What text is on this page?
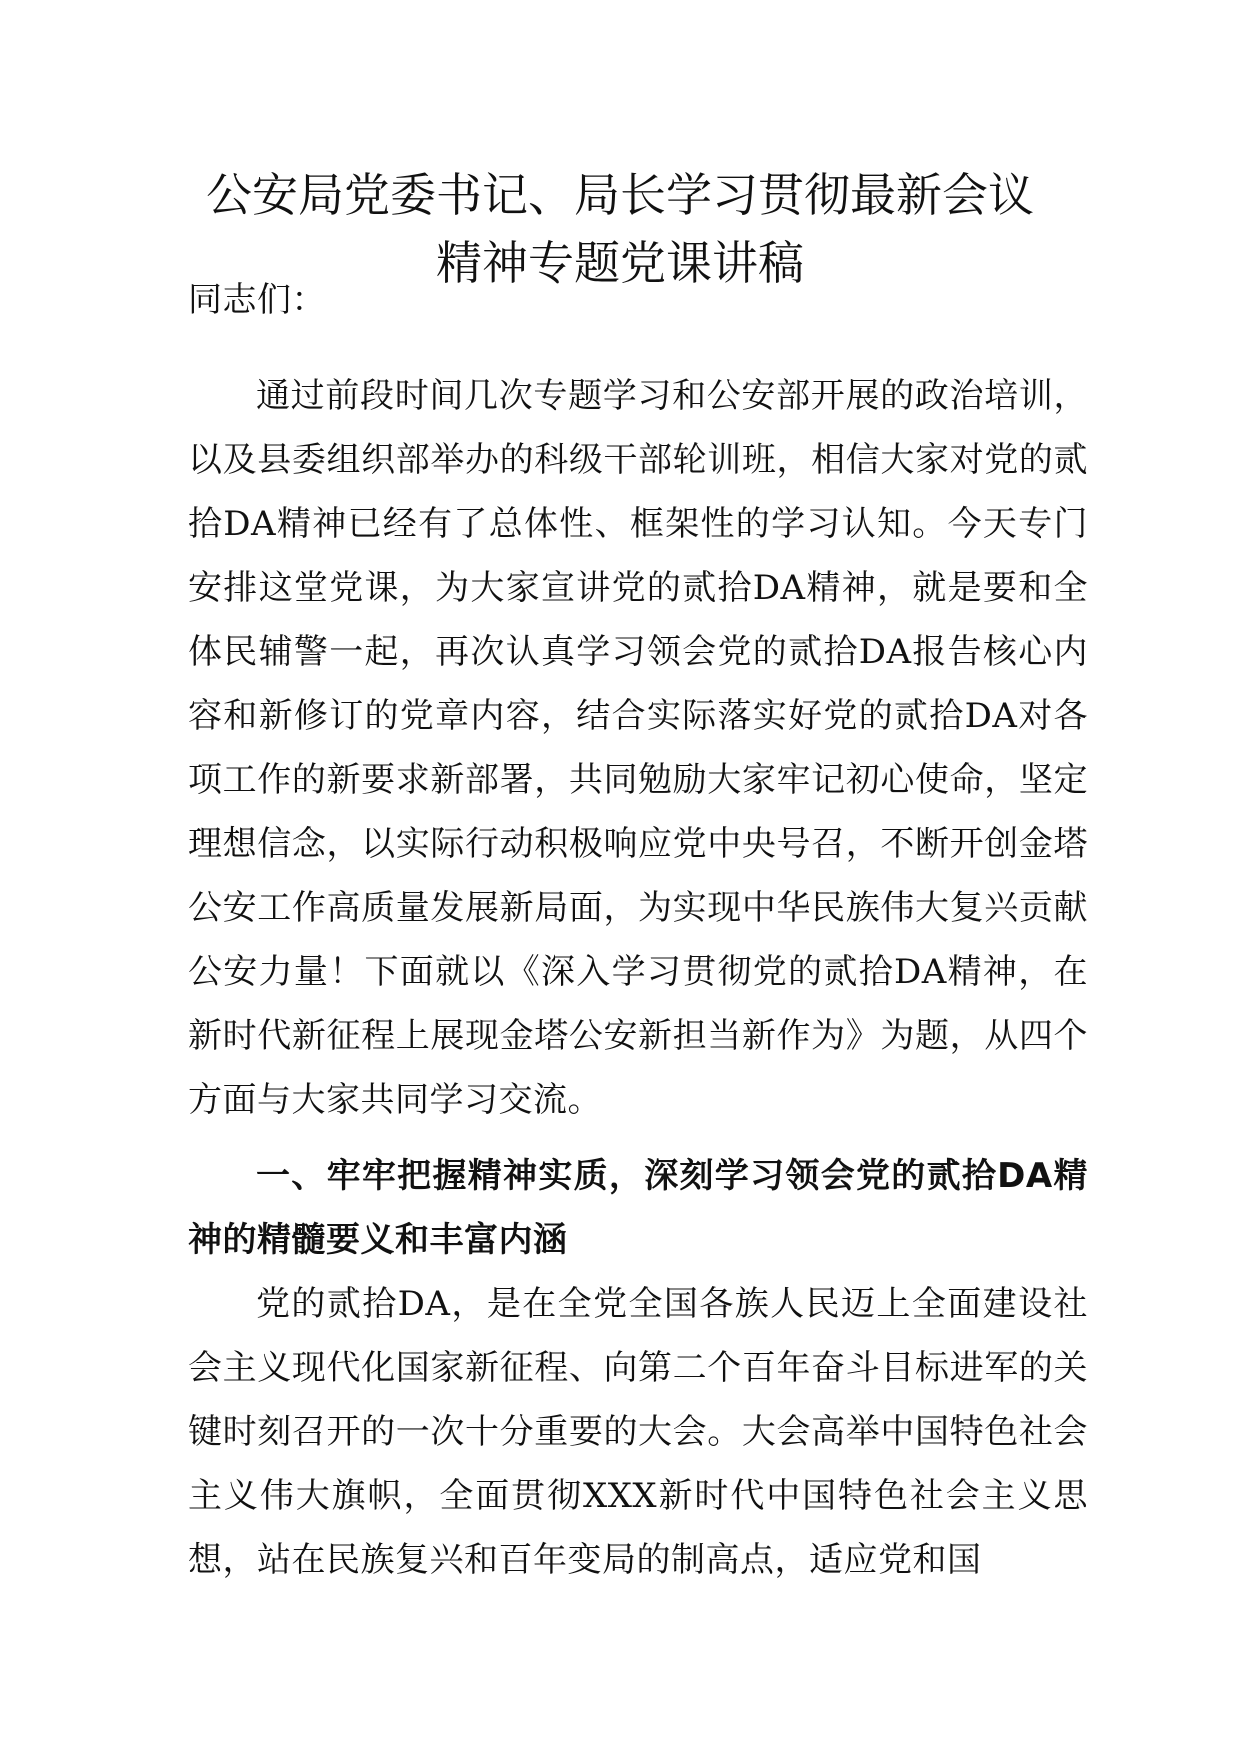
公安局党委书记、局长学习贯彻最新会议
精神专题党课讲稿

同志们：

通过前段时间几次专题学习和公安部开展的政治培训，以及县委组织部举办的科级干部轮训班，相信大家对党的贰拾DA精神已经有了总体性、框架性的学习认知。今天专门安排这堂党课，为大家宣讲党的贰拾DA精神，就是要和全体民辅警一起，再次认真学习领会党的贰拾DA报告核心内容和新修订的党章内容，结合实际落实好党的贰拾DA对各项工作的新要求新部署，共同勉励大家牢记初心使命，坚定理想信念，以实际行动积极响应党中央号召，不断开创金塔公安工作高质量发展新局面，为实现中华民族伟大复兴贡献公安力量！下面就以《深入学习贯彻党的贰拾DA精神，在新时代新征程上展现金塔公安新担当新作为》为题，从四个方面与大家共同学习交流。

一、牢牢把握精神实质，深刻学习领会党的贰拾DA精神的精髓要义和丰富内涵

党的贰拾DA，是在全党全国各族人民迈上全面建设社会主义现代化国家新征程、向第二个百年奋斗目标进军的关键时刻召开的一次十分重要的大会。大会高举中国特色社会主义伟大旗帜，全面贯彻XXX新时代中国特色社会主义思想，站在民族复兴和百年变局的制高点，适应党和国
